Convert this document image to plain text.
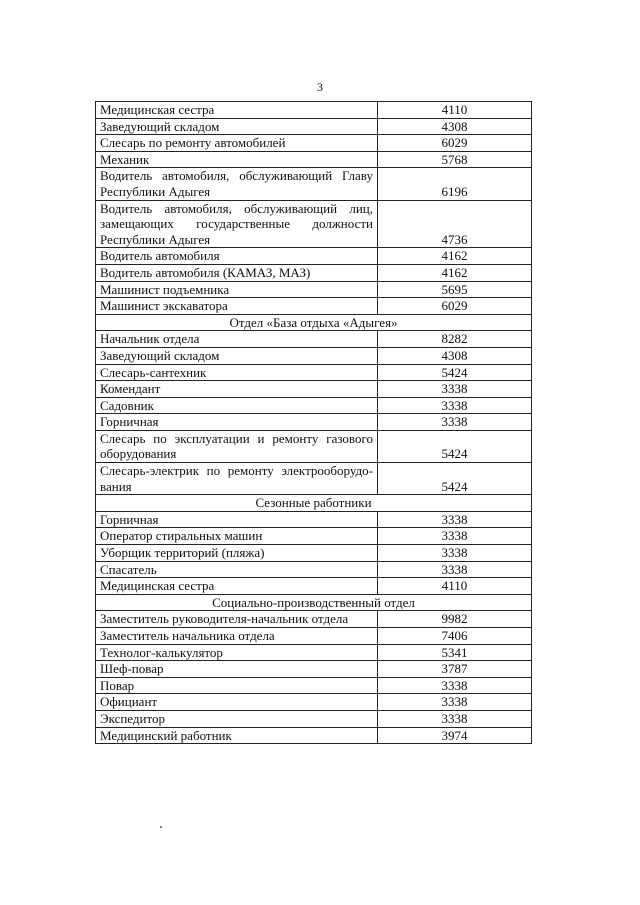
3
Медицинская сестра	4110
Заведующий складом	4308
Слесарь по ремонту автомобилей	6029
Механик	5768
Водитель автомобиля, обслуживающий Главу Республики Адыгея	6196
Водитель автомобиля, обслуживающий лиц, замещающих государственные должности Республики Адыгея	4736
Водитель автомобиля	4162
Водитель автомобиля (КАМАЗ, МАЗ)	4162
Машинист подъемника	5695
Машинист экскаватора	6029
Отдел «База отдыха «Адыгея»	
Начальник отдела	8282
Заведующий складом	4308
Слесарь-сантехник	5424
Комендант	3338
Садовник	3338
Горничная	3338
Слесарь по эксплуатации и ремонту газового оборудования	5424
Слесарь-электрик по ремонту электрооборудо-вания	5424
Сезонные работники	
Горничная	3338
Оператор стиральных машин	3338
Уборщик территорий (пляжа)	3338
Спасатель	3338
Медицинская сестра	4110
Социально-производственный отдел	
Заместитель руководителя-начальник отдела	9982
Заместитель начальника отдела	7406
Технолог-калькулятор	5341
Шеф-повар	3787
Повар	3338
Официант	3338
Экспедитор	3338
Медицинский работник	3974
